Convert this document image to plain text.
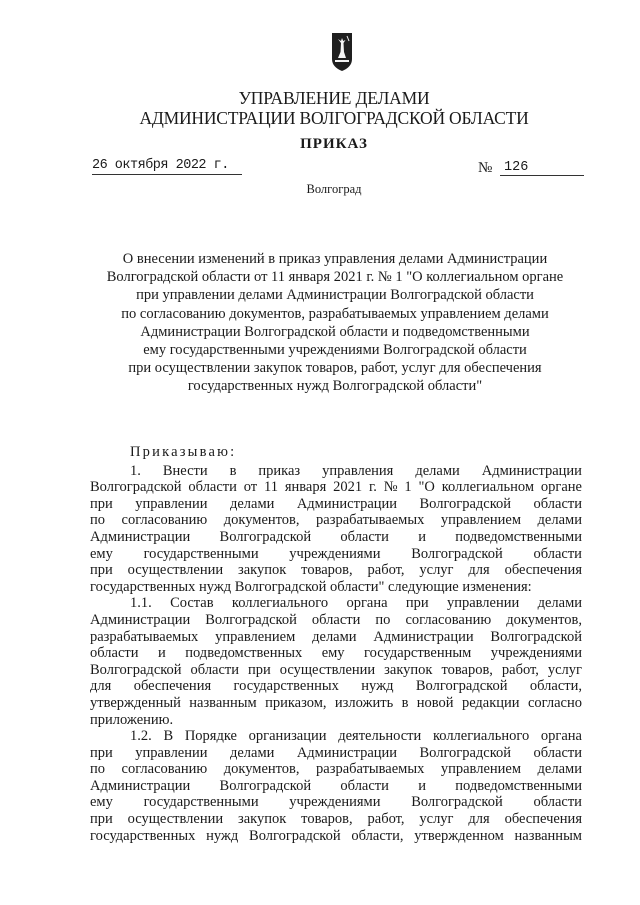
УПРАВЛЕНИЕ ДЕЛАМИ
АДМИНИСТРАЦИИ ВОЛГОГРАДСКОЙ ОБЛАСТИ
ПРИКАЗ
26 октября 2022 г.	№ 126
Волгоград
О внесении изменений в приказ управления делами Администрации
Волгоградской области от 11 января 2021 г. № 1 "О коллегиальном органе
при управлении делами Администрации Волгоградской области
по согласованию документов, разрабатываемых управлением делами
Администрации Волгоградской области и подведомственными
ему государственными учреждениями Волгоградской области
при осуществлении закупок товаров, работ, услуг для обеспечения
государственных нужд Волгоградской области"
Приказываю:
1. Внести в приказ управления делами Администрации
Волгоградской области от 11 января 2021 г. № 1 "О коллегиальном органе
при управлении делами Администрации Волгоградской области
по согласованию документов, разрабатываемых управлением делами
Администрации Волгоградской области и подведомственными
ему государственными учреждениями Волгоградской области
при осуществлении закупок товаров, работ, услуг для обеспечения
государственных нужд Волгоградской области" следующие изменения:
1.1. Состав коллегиального органа при управлении делами
Администрации Волгоградской области по согласованию документов,
разрабатываемых управлением делами Администрации Волгоградской
области и подведомственных ему государственным учреждениями
Волгоградской области при осуществлении закупок товаров, работ, услуг
для обеспечения государственных нужд Волгоградской области,
утвержденный названным приказом, изложить в новой редакции согласно
приложению.
1.2. В Порядке организации деятельности коллегиального органа
при управлении делами Администрации Волгоградской области
по согласованию документов, разрабатываемых управлением делами
Администрации Волгоградской области и подведомственными
ему государственными учреждениями Волгоградской области
при осуществлении закупок товаров, работ, услуг для обеспечения
государственных нужд Волгоградской области, утвержденном названным
